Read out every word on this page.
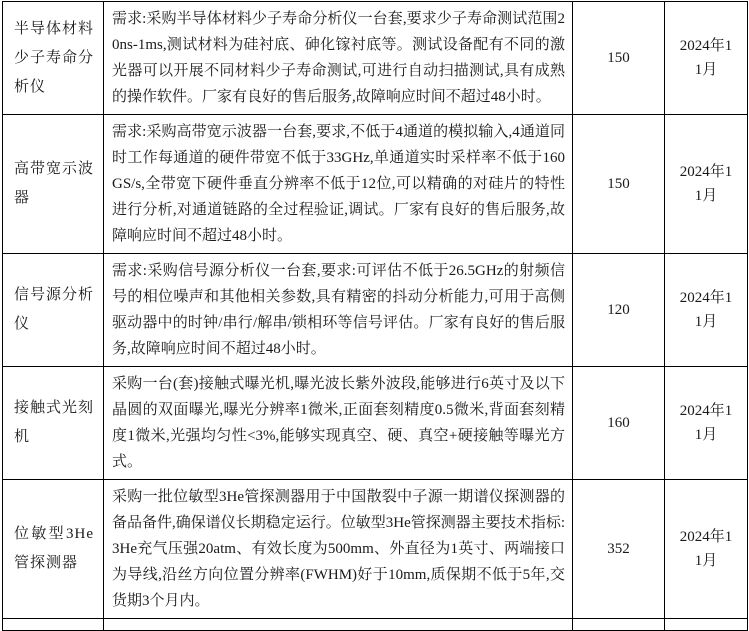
半导体材料少子寿命分析仪	需求:采购半导体材料少子寿命分析仪一台套,要求少子寿命测试范围20ns-1ms,测试材料为硅衬底、砷化镓衬底等。测试设备配有不同的激光器可以开展不同材料少子寿命测试,可进行自动扫描测试,具有成熟的操作软件。厂家有良好的售后服务,故障响应时间不超过48小时。	150	2024年11月

高带宽示波器	需求:采购高带宽示波器一台套,要求,不低于4通道的模拟输入,4通道同时工作每通道的硬件带宽不低于33GHz,单通道实时采样率不低于160GS/s,全带宽下硬件垂直分辨率不低于12位,可以精确的对硅片的特性进行分析,对通道链路的全过程验证,调试。厂家有良好的售后服务,故障响应时间不超过48小时。	150	2024年11月

信号源分析仪	需求:采购信号源分析仪一台套,要求:可评估不低于26.5GHz的射频信号的相位噪声和其他相关参数,具有精密的抖动分析能力,可用于高侧驱动器中的时钟/串行/解串/锁相环等信号评估。厂家有良好的售后服务,故障响应时间不超过48小时。	120	2024年11月

接触式光刻机	采购一台(套)接触式曝光机,曝光波长紫外波段,能够进行6英寸及以下晶圆的双面曝光,曝光分辨率1微米,正面套刻精度0.5微米,背面套刻精度1微米,光强均匀性<3%,能够实现真空、硬、真空+硬接触等曝光方式。	160	2024年11月

位敏型3He管探测器	采购一批位敏型3He管探测器用于中国散裂中子源一期谱仪探测器的备品备件,确保谱仪长期稳定运行。位敏型3He管探测器主要技术指标:3He充气压强20atm、有效长度为500mm、外直径为1英寸、两端接口为导线,沿丝方向位置分辨率(FWHM)好于10mm,质保期不低于5年,交货期3个月内。	352	2024年11月
